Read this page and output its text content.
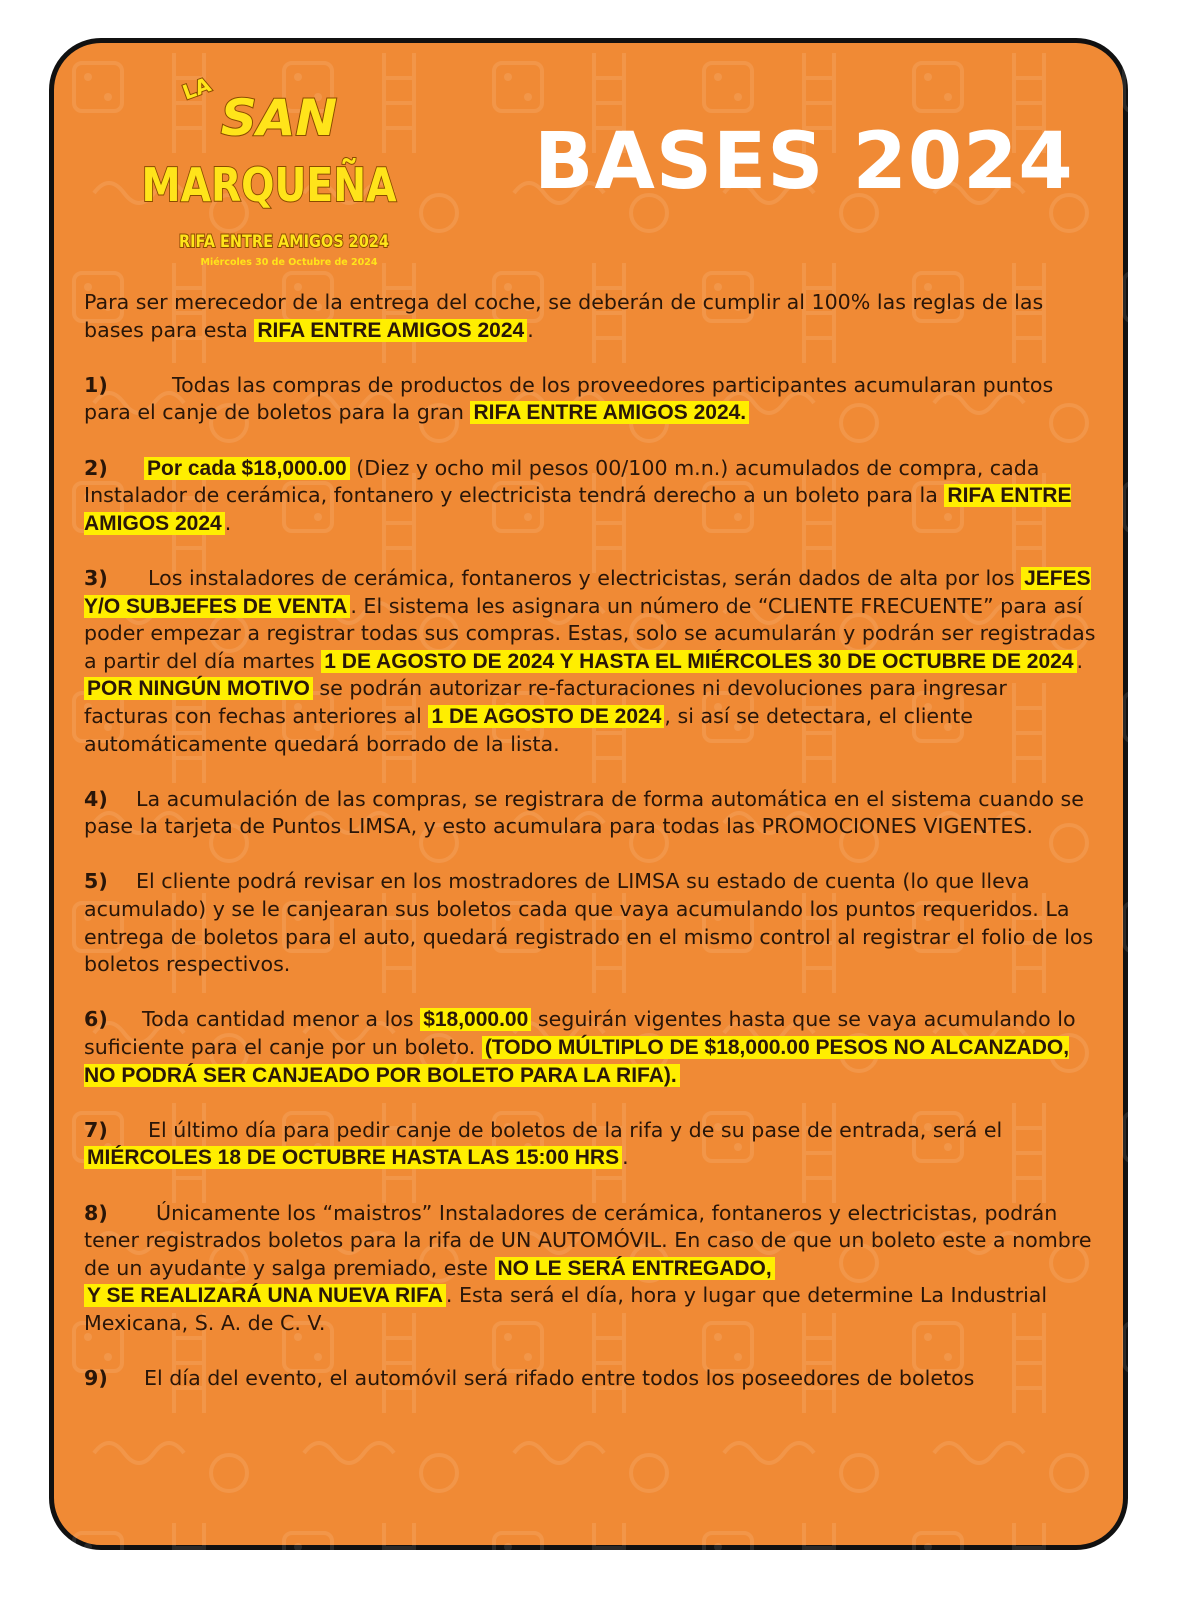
LA
SAN
MARQUEÑA
RIFA ENTRE AMIGOS 2024
Miércoles 30 de Octubre de 2024
BASES 2024

Para ser merecedor de la entrega del coche, se deberán de cumplir al 100% las reglas de las bases para esta RIFA ENTRE AMIGOS 2024 .

1)	Todas las compras de productos de los proveedores participantes acumularan puntos para el canje de boletos para la gran RIFA ENTRE AMIGOS 2024.

2) Por cada $18,000.00 (Diez y ocho mil pesos 00/100 m.n.) acumulados de compra, cada Instalador de cerámica, fontanero y electricista tendrá derecho a un boleto para la RIFA ENTRE AMIGOS 2024 .

3) Los instaladores de cerámica, fontaneros y electricistas, serán dados de alta por los JEFES Y/O SUBJEFES DE VENTA . El sistema les asignara un número de “CLIENTE FRECUENTE” para así poder empezar a registrar todas sus compras. Estas, solo se acumularán y podrán ser registradas a partir del día martes 1 DE AGOSTO DE 2024 Y HASTA EL MIÉRCOLES 30 DE OCTUBRE DE 2024 . POR NINGÚN MOTIVO se podrán autorizar re-facturaciones ni devoluciones para ingresar facturas con fechas anteriores al 1 DE AGOSTO DE 2024 , si así se detectara, el cliente automáticamente quedará borrado de la lista.

4) La acumulación de las compras, se registrara de forma automática en el sistema cuando se pase la tarjeta de Puntos LIMSA, y esto acumulara para todas las PROMOCIONES VIGENTES.

5) El cliente podrá revisar en los mostradores de LIMSA su estado de cuenta (lo que lleva acumulado) y se le canjearan sus boletos cada que vaya acumulando los puntos requeridos. La entrega de boletos para el auto, quedará registrado en el mismo control al registrar el folio de los boletos respectivos.

6) Toda cantidad menor a los $18,000.00 seguirán vigentes hasta que se vaya acumulando lo suficiente para el canje por un boleto. (TODO MÚLTIPLO DE $18,000.00 PESOS NO ALCANZADO, NO PODRÁ SER CANJEADO POR BOLETO PARA LA RIFA).

7) El último día para pedir canje de boletos de la rifa y de su pase de entrada, será el MIÉRCOLES 18 DE OCTUBRE HASTA LAS 15:00 HRS .

8) Únicamente los “maistros” Instaladores de cerámica, fontaneros y electricistas, podrán tener registrados boletos para la rifa de UN AUTOMÓVIL. En caso de que un boleto este a nombre de un ayudante y salga premiado, este NO LE SERÁ ENTREGADO,
Y SE REALIZARÁ UNA NUEVA RIFA . Esta será el día, hora y lugar que determine La Industrial Mexicana, S. A. de C. V.

9) El día del evento, el automóvil será rifado entre todos los poseedores de boletos
